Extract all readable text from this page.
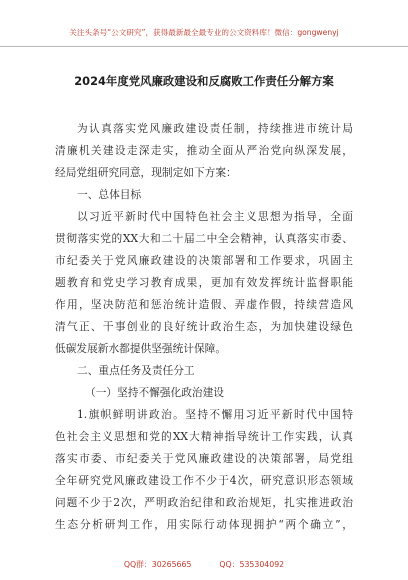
关注头条号“公文研究”，获得最新最全最专业的公文资料库！微信：gongwenyj
2024年度党风廉政建设和反腐败工作责任分解方案
为认真落实党风廉政建设责任制，持续推进市统计局
清廉机关建设走深走实，推动全面从严治党向纵深发展，
经局党组研究同意，现制定如下方案：
一、总体目标
以习近平新时代中国特色社会主义思想为指导，全面
贯彻落实党的XX大和二十届二中全会精神，认真落实市委、
市纪委关于党风廉政建设的决策部署和工作要求，巩固主
题教育和党史学习教育成果，更加有效发挥统计监督职能
作用，坚决防范和惩治统计造假、弄虚作假，持续营造风
清气正、干事创业的良好统计政治生态，为加快建设绿色
低碳发展新水都提供坚强统计保障。
二、重点任务及责任分工
（一）坚持不懈强化政治建设
1.旗帜鲜明讲政治。坚持不懈用习近平新时代中国特
色社会主义思想和党的XX大精神指导统计工作实践，认真
落实市委、市纪委关于党风廉政建设的决策部署，局党组
全年研究党风廉政建设工作不少于4次，研究意识形态领域
问题不少于2次，严明政治纪律和政治规矩，扎实推进政治
生态分析研判工作，用实际行动体现拥护“两个确立”，
QQ群：30265665	QQ：535304092
